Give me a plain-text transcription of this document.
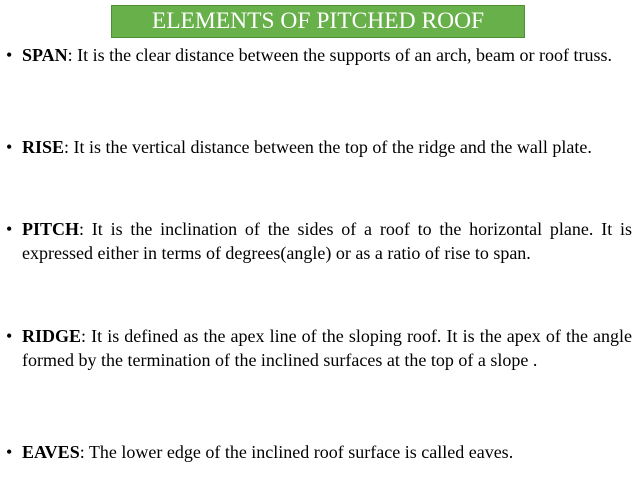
ELEMENTS OF PITCHED ROOF
• SPAN: It is the clear distance between the supports of an arch, beam or roof truss.

• RISE: It is the vertical distance between the top of the ridge and the wall plate.

• PITCH: It is the inclination of the sides of a roof to the horizontal plane. It is expressed either in terms of degrees(angle) or as a ratio of rise to span.

• RIDGE: It is defined as the apex line of the sloping roof. It is the apex of the angle formed by the termination of the inclined surfaces at the top of a slope .

• EAVES: The lower edge of the inclined roof surface is called eaves.
